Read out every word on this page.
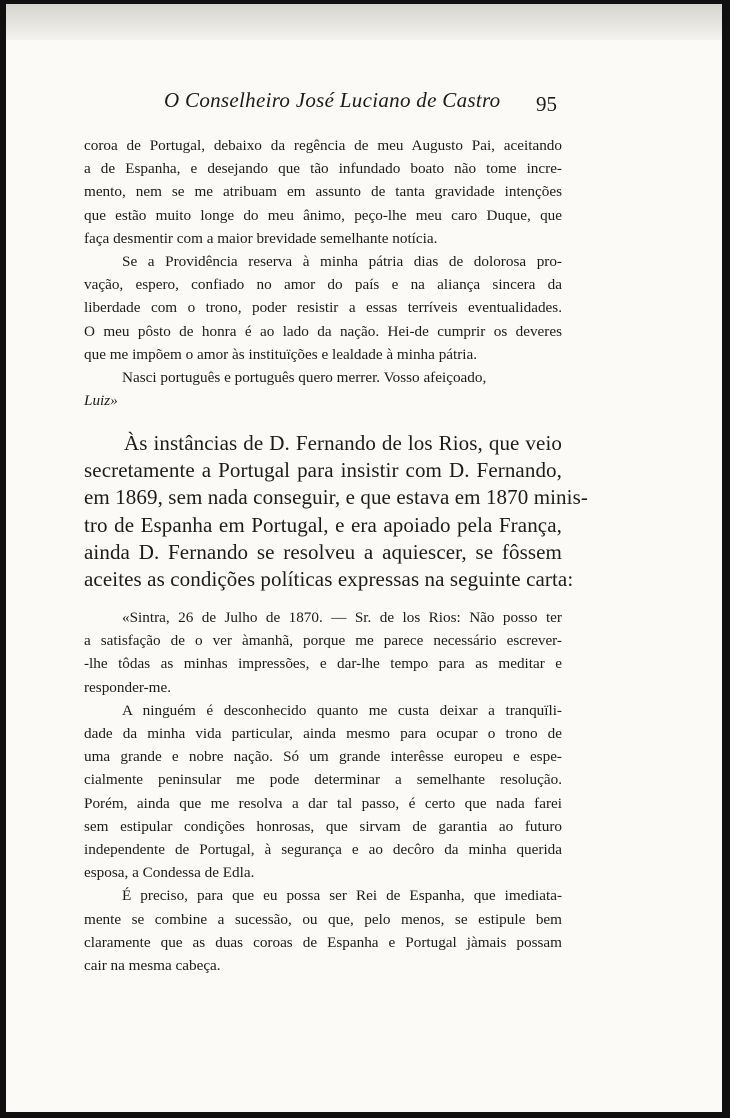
O Conselheiro José Luciano de Castro 95

coroa de Portugal, debaixo da regência de meu Augusto Pai, aceitando

a de Espanha, e desejando que tão infundado boato não tome incre-

mento, nem se me atribuam em assunto de tanta gravidade intenções

que estão muito longe do meu ânimo, peço-lhe meu caro Duque, que

faça desmentir com a maior brevidade semelhante notícia.

Se a Providência reserva à minha pátria dias de dolorosa pro-

vação, espero, confiado no amor do país e na aliança sincera da

liberdade com o trono, poder resistir a essas terríveis eventualidades.

O meu pôsto de honra é ao lado da nação. Hei-de cumprir os deveres

que me impõem o amor às instituïções e lealdade à minha pátria.

Nasci português e português quero merrer. Vosso afeiçoado,

Luiz»

Às instâncias de D. Fernando de los Rios, que veio

secretamente a Portugal para insistir com D. Fernando,

em 1869, sem nada conseguir, e que estava em 1870 minis-

tro de Espanha em Portugal, e era apoiado pela França,

ainda D. Fernando se resolveu a aquiescer, se fôssem

aceites as condições políticas expressas na seguinte carta:

«Sintra, 26 de Julho de 1870. — Sr. de los Rios: Não posso ter

a satisfação de o ver àmanhã, porque me parece necessário escrever-

-lhe tôdas as minhas impressões, e dar-lhe tempo para as meditar e

responder-me.

A ninguém é desconhecido quanto me custa deixar a tranquïli-

dade da minha vida particular, ainda mesmo para ocupar o trono de

uma grande e nobre nação. Só um grande interêsse europeu e espe-

cialmente peninsular me pode determinar a semelhante resolução.

Porém, ainda que me resolva a dar tal passo, é certo que nada farei

sem estipular condições honrosas, que sirvam de garantia ao futuro

independente de Portugal, à segurança e ao decôro da minha querida

esposa, a Condessa de Edla.

É preciso, para que eu possa ser Rei de Espanha, que imediata-

mente se combine a sucessão, ou que, pelo menos, se estipule bem

claramente que as duas coroas de Espanha e Portugal jàmais possam

cair na mesma cabeça.
